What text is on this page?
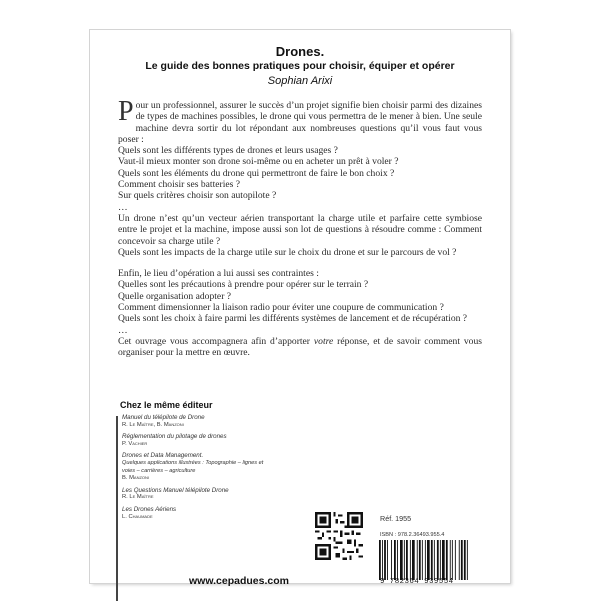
Drones.
Le guide des bonnes pratiques pour choisir, équiper et opérer
Sophian Arixi

Pour un professionnel, assurer le succès d’un projet signifie bien choisir parmi des dizaines de types de machines possibles, le drone qui vous permettra de le mener à bien. Une seule machine devra sortir du lot répondant aux nombreuses questions qu’il vous faut vous poser :

Quels sont les différents types de drones et leurs usages ?

Vaut-il mieux monter son drone soi-même ou en acheter un prêt à voler ?

Quels sont les éléments du drone qui permettront de faire le bon choix ?

Comment choisir ses batteries ?

Sur quels critères choisir son autopilote ?

…

Un drone n’est qu’un vecteur aérien transportant la charge utile et parfaire cette symbiose entre le projet et la machine, impose aussi son lot de questions à résoudre comme : Comment concevoir sa charge utile ?

Quels sont les impacts de la charge utile sur le choix du drone et sur le parcours de vol ?

Enfin, le lieu d’opération a lui aussi ses contraintes :

Quelles sont les précautions à prendre pour opérer sur le terrain ?

Quelle organisation adopter ?

Comment dimensionner la liaison radio pour éviter une coupure de communication ?

Quels sont les choix à faire parmi les différents systèmes de lancement et de récupération ?

…

Cet ouvrage vous accompagnera afin d’apporter votre réponse, et de savoir comment vous organiser pour la mettre en œuvre.

Chez le même éditeur
Manuel du télépilote de Drone
R. Le Maître, B. Manzoni
Réglementation du pilotage de drones
P. Vachier
Drones et Data Management.
Quelques applications illustrées : Topographie – lignes et voies – carrières – agriculture
B. Manzoni
Les Questions Manuel télépilote Drone
R. Le Maître
Les Drones Aériens
L. Chaumade
www.cepadues.com
Réf. 1955
ISBN : 978.2.36493.955.4
9 782364 939554
